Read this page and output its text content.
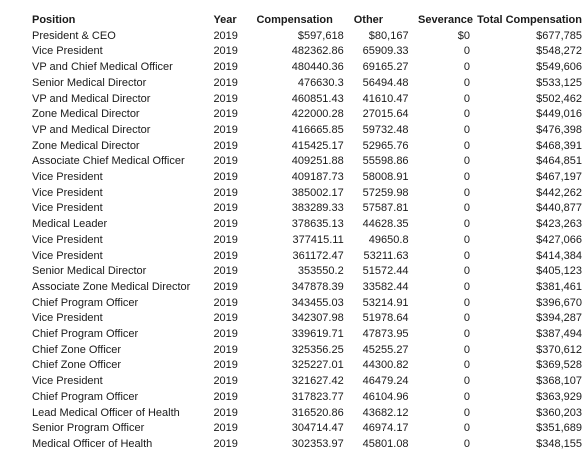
Position	Year	Compensation	Other	Severance	Total Compensation
President & CEO	2019	$597,618	$80,167	$0	$677,785
Vice President	2019	482362.86	65909.33	0	$548,272
VP and Chief Medical Officer	2019	480440.36	69165.27	0	$549,606
Senior Medical Director	2019	476630.3	56494.48	0	$533,125
VP and Medical Director	2019	460851.43	41610.47	0	$502,462
Zone Medical Director	2019	422000.28	27015.64	0	$449,016
VP and Medical Director	2019	416665.85	59732.48	0	$476,398
Zone Medical Director	2019	415425.17	52965.76	0	$468,391
Associate Chief Medical Officer	2019	409251.88	55598.86	0	$464,851
Vice President	2019	409187.73	58008.91	0	$467,197
Vice President	2019	385002.17	57259.98	0	$442,262
Vice President	2019	383289.33	57587.81	0	$440,877
Medical Leader	2019	378635.13	44628.35	0	$423,263
Vice President	2019	377415.11	49650.8	0	$427,066
Vice President	2019	361172.47	53211.63	0	$414,384
Senior Medical Director	2019	353550.2	51572.44	0	$405,123
Associate Zone Medical Director	2019	347878.39	33582.44	0	$381,461
Chief Program Officer	2019	343455.03	53214.91	0	$396,670
Vice President	2019	342307.98	51978.64	0	$394,287
Chief Program Officer	2019	339619.71	47873.95	0	$387,494
Chief Zone Officer	2019	325356.25	45255.27	0	$370,612
Chief Zone Officer	2019	325227.01	44300.82	0	$369,528
Vice President	2019	321627.42	46479.24	0	$368,107
Chief Program Officer	2019	317823.77	46104.96	0	$363,929
Lead Medical Officer of Health	2019	316520.86	43682.12	0	$360,203
Senior Program Officer	2019	304714.47	46974.17	0	$351,689
Medical Officer of Health	2019	302353.97	45801.08	0	$348,155
